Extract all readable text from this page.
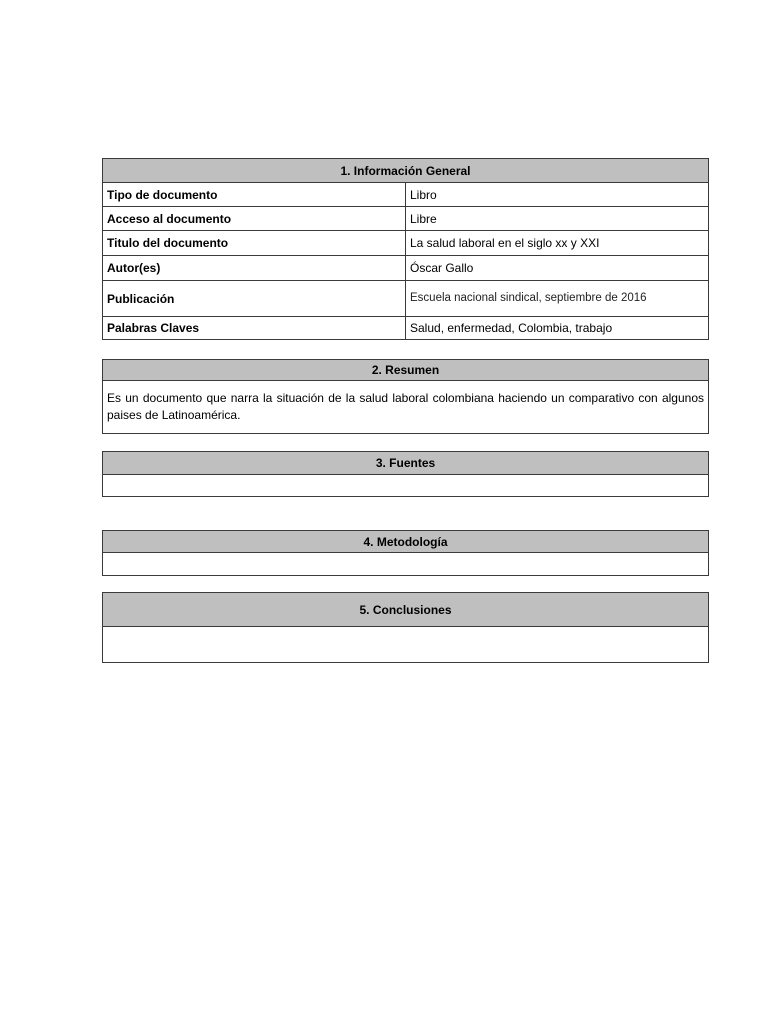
1. Información General	
Tipo de documento	Libro
Acceso al documento	Libre
Titulo del documento	La salud laboral en el siglo xx y XXI
Autor(es)	Óscar Gallo
Publicación	Escuela nacional sindical, septiembre de 2016
Palabras Claves	Salud, enfermedad, Colombia, trabajo
2. Resumen
Es un documento que narra la situación de la salud laboral colombiana haciendo un comparativo con algunos paises de Latinoamérica.
3. Fuentes

4. Metodología

5. Conclusiones
